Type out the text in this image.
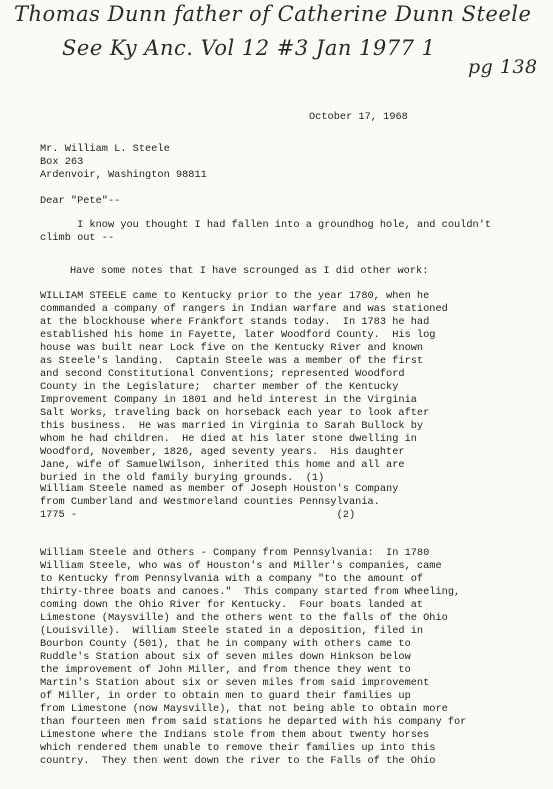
Thomas Dunn father of Catherine Dunn Steele
See Ky Anc. Vol 12 #3 Jan 1977 1
pg 138
October 17, 1968
Mr. William L. Steele
Box 263
Ardenvoir, Washington 98811
Dear "Pete"--
I know you thought I had fallen into a groundhog hole, and couldn't
climb out --
Have some notes that I have scrounged as I did other work:
WILLIAM STEELE came to Kentucky prior to the year 1780, when he
commanded a company of rangers in Indian warfare and was stationed
at the blockhouse where Frankfort stands today.  In 1783 he had
established his home in Fayette, later Woodford County.  His log
house was built near Lock five on the Kentucky River and known
as Steele's landing.  Captain Steele was a member of the first
and second Constitutional Conventions; represented Woodford
County in the Legislature;  charter member of the Kentucky
Improvement Company in 1801 and held interest in the Virginia
Salt Works, traveling back on horseback each year to look after
this business.  He was married in Virginia to Sarah Bullock by
whom he had children.  He died at his later stone dwelling in
Woodford, November, 1826, aged seventy years.  His daughter
Jane, wife of SamuelWilson, inherited this home and all are
buried in the old family burying grounds.  (1)
William Steele named as member of Joseph Houston's Company
from Cumberland and Westmoreland counties Pennsylvania.
1775 -                                          (2)
William Steele and Others - Company from Pennsylvania:  In 1780
William Steele, who was of Houston's and Miller's companies, came
to Kentucky from Pennsylvania with a company "to the amount of
thirty-three boats and canoes."  This company started from Wheeling,
coming down the Ohio River for Kentucky.  Four boats landed at
Limestone (Maysville) and the others went to the falls of the Ohio
(Louisville).  William Steele stated in a deposition, filed in
Bourbon County (501), that he in company with others came to
Ruddle's Station about six of seven miles down Hinkson below
the improvement of John Miller, and from thence they went to
Martin's Station about six or seven miles from said improvement
of Miller, in order to obtain men to guard their families up
from Limestone (now Maysville), that not being able to obtain more
than fourteen men from said stations he departed with his company for
Limestone where the Indians stole from them about twenty horses
which rendered them unable to remove their families up into this
country.  They then went down the river to the Falls of the Ohio
